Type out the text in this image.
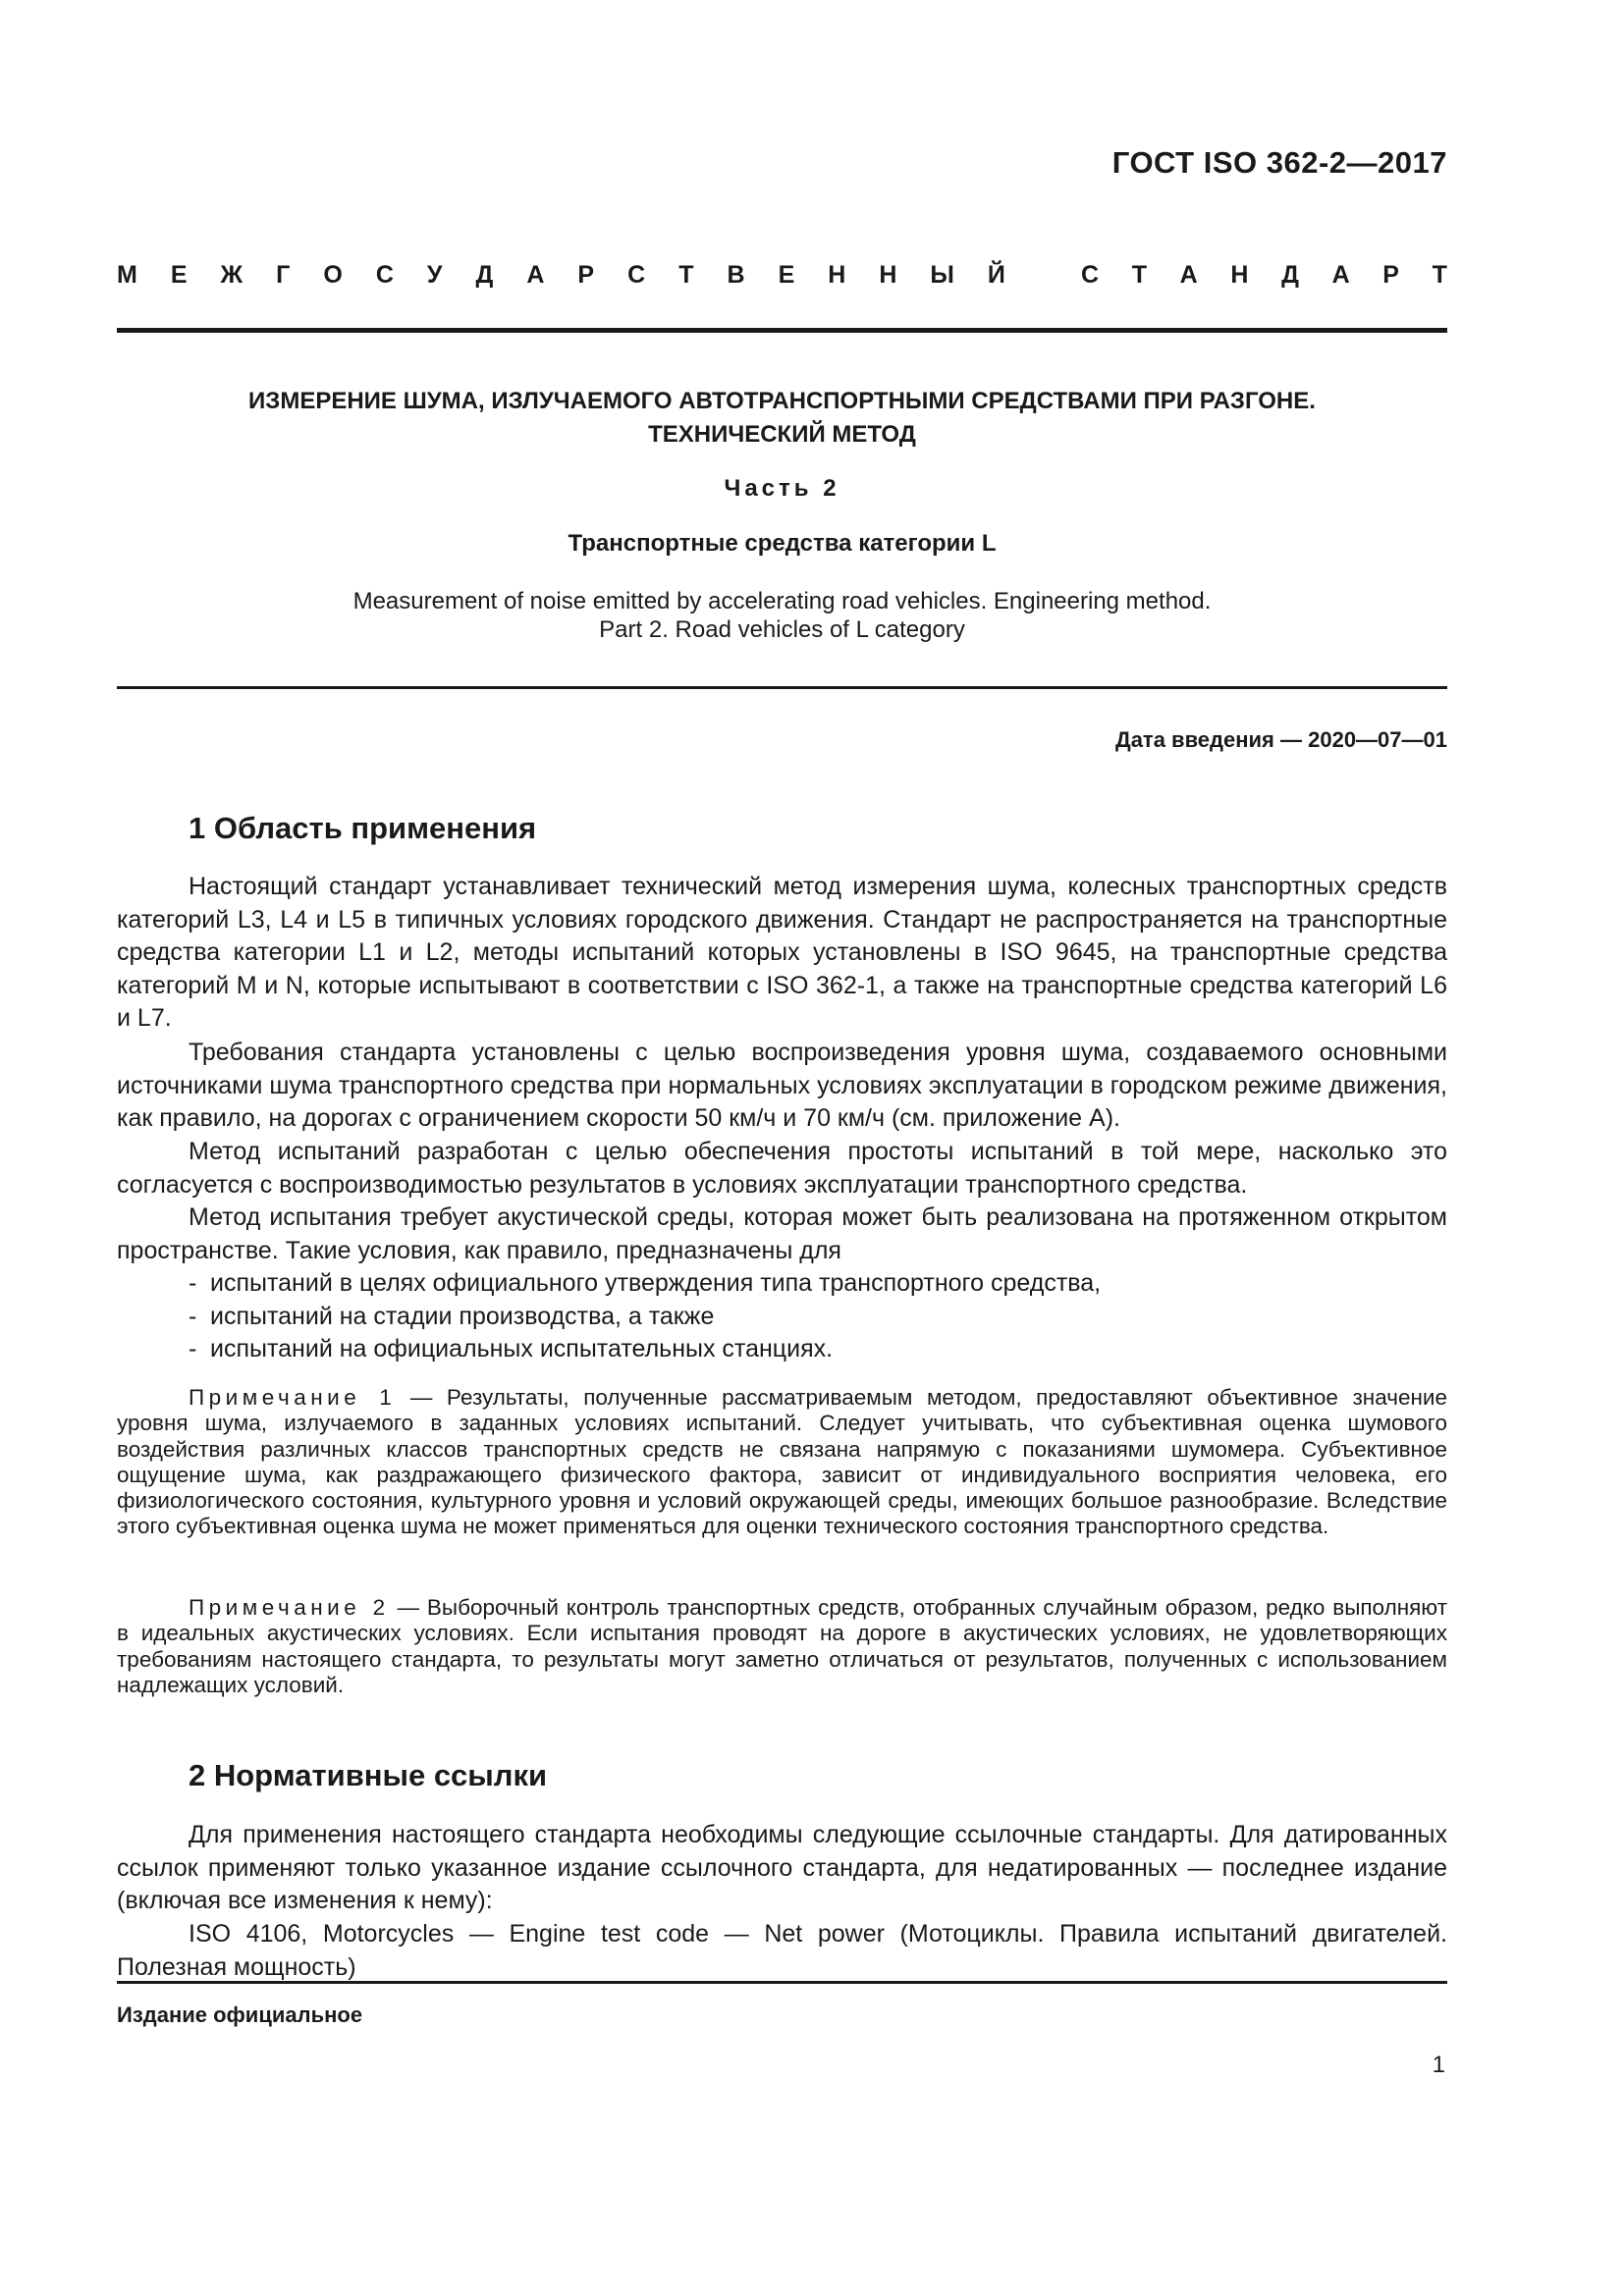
ГОСТ ISO 362-2—2017
М Е Ж Г О С У Д А Р С Т В Е Н Н Ы Й	С Т А Н Д А Р Т
ИЗМЕРЕНИЕ ШУМА, ИЗЛУЧАЕМОГО АВТОТРАНСПОРТНЫМИ СРЕДСТВАМИ ПРИ РАЗГОНЕ.
ТЕХНИЧЕСКИЙ МЕТОД
Часть 2
Транспортные средства категории L
Measurement of noise emitted by accelerating road vehicles. Engineering method.
Part 2. Road vehicles of L category
Дата введения — 2020—07—01
1 Область применения

Настоящий стандарт устанавливает технический метод измерения шума, колесных транспортных средств категорий L3, L4 и L5 в типичных условиях городского движения. Стандарт не распространяется на транспортные средства категории L1 и L2, методы испытаний которых установлены в ISO 9645, на транспортные средства категорий M и N, которые испытывают в соответствии с ISO 362-1, а также на транспортные средства категорий L6 и L7.

Требования стандарта установлены с целью воспроизведения уровня шума, создаваемого основными источниками шума транспортного средства при нормальных условиях эксплуатации в городском режиме движения, как правило, на дорогах с ограничением скорости 50 км/ч и 70 км/ч (см. приложение А).

Метод испытаний разработан с целью обеспечения простоты испытаний в той мере, насколько это согласуется с воспроизводимостью результатов в условиях эксплуатации транспортного средства.

Метод испытания требует акустической среды, которая может быть реализована на протяженном открытом пространстве. Такие условия, как правило, предназначены для

- испытаний в целях официального утверждения типа транспортного средства,
- испытаний на стадии производства, а также
- испытаний на официальных испытательных станциях.

Примечание 1 — Результаты, полученные рассматриваемым методом, предоставляют объективное значение уровня шума, излучаемого в заданных условиях испытаний. Следует учитывать, что субъективная оценка шумового воздействия различных классов транспортных средств не связана напрямую с показаниями шумомера. Субъективное ощущение шума, как раздражающего физического фактора, зависит от индивидуального восприятия человека, его физиологического состояния, культурного уровня и условий окружающей среды, имеющих большое разнообразие. Вследствие этого субъективная оценка шума не может применяться для оценки технического состояния транспортного средства.

Примечание 2 — Выборочный контроль транспортных средств, отобранных случайным образом, редко выполняют в идеальных акустических условиях. Если испытания проводят на дороге в акустических условиях, не удовлетворяющих требованиям настоящего стандарта, то результаты могут заметно отличаться от результатов, полученных с использованием надлежащих условий.

2 Нормативные ссылки

Для применения настоящего стандарта необходимы следующие ссылочные стандарты. Для датированных ссылок применяют только указанное издание ссылочного стандарта, для недатированных — последнее издание (включая все изменения к нему):

ISO 4106, Motorcycles — Engine test code — Net power (Мотоциклы. Правила испытаний двигателей. Полезная мощность)

Издание официальное
1
